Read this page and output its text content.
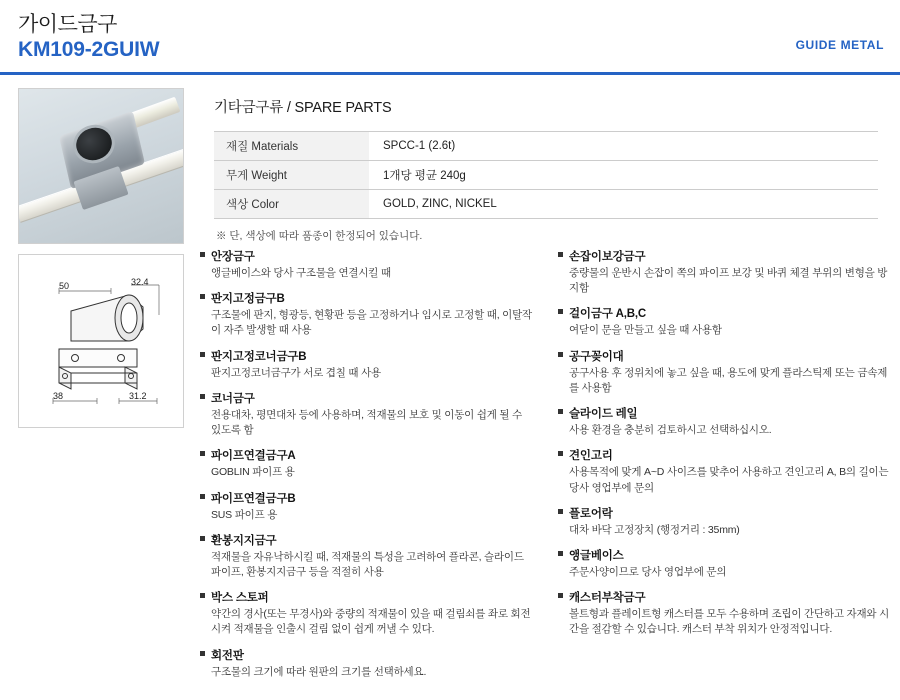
가이드금구
KM109-2GUIW	GUIDE METAL
50	32.4
38	31.2
기타금구류 / SPARE PARTS
재질 Materials	SPCC-1 (2.6t)
무게 Weight	1개당 평균 240g
색상 Color	GOLD, ZINC, NICKEL
※ 단, 색상에 따라 품종이 한정되어 있습니다.
안장금구
앵글베이스와 당사 구조물을 연결시킬 때
판지고정금구B
구조물에 판지, 형광등, 현황판 등을 고정하거나 임시로 고정할 때, 이탈작이 자주 발생할 때 사용
판지고정코너금구B
판지고정코너금구가 서로 겹칠 때 사용
코너금구
전용대차, 평면대차 등에 사용하며, 적재물의 보호 및 이동이 쉽게 될 수 있도록 함
파이프연결금구A
GOBLIN 파이프 용
파이프연결금구B
SUS 파이프 용
환봉지지금구
적재물을 자유낙하시킬 때, 적재물의 특성을 고려하여 플라콘, 슬라이드 파이프, 환봉지지금구 등을 적절히 사용
박스 스토퍼
약간의 경사(또는 무경사)와 중량의 적재물이 있을 때 걸림쇠를 좌로 회전시켜 적재물을 인출시 걸림 없이 쉽게 꺼낼 수 있다.
회전판
구조물의 크기에 따라 원판의 크기를 선택하세요.
손잡이보강금구
중량물의 운반시 손잡이 쪽의 파이프 보강 및 바퀴 체결 부위의 변형을 방지함
걸이금구 A,B,C
여닫이 문을 만들고 싶을 때 사용함
공구꽂이대
공구사용 후 정위치에 놓고 싶을 때, 용도에 맞게 플라스틱제 또는 금속제를 사용함
슬라이드 레일
사용 환경을 충분히 검토하시고 선택하십시오.
견인고리
사용목적에 맞게 A~D 사이즈를 맞추어 사용하고 견인고리 A, B의 길이는 당사 영업부에 문의
플로어락
대차 바닥 고정장치 (행정거리 : 35mm)
앵글베이스
주문사양이므로 당사 영업부에 문의
캐스터부착금구
볼트형과 플레이트형 캐스터를 모두 수용하며 조립이 간단하고 자재와 시간을 절감할 수 있습니다. 캐스터 부착 위치가 안정적입니다.
